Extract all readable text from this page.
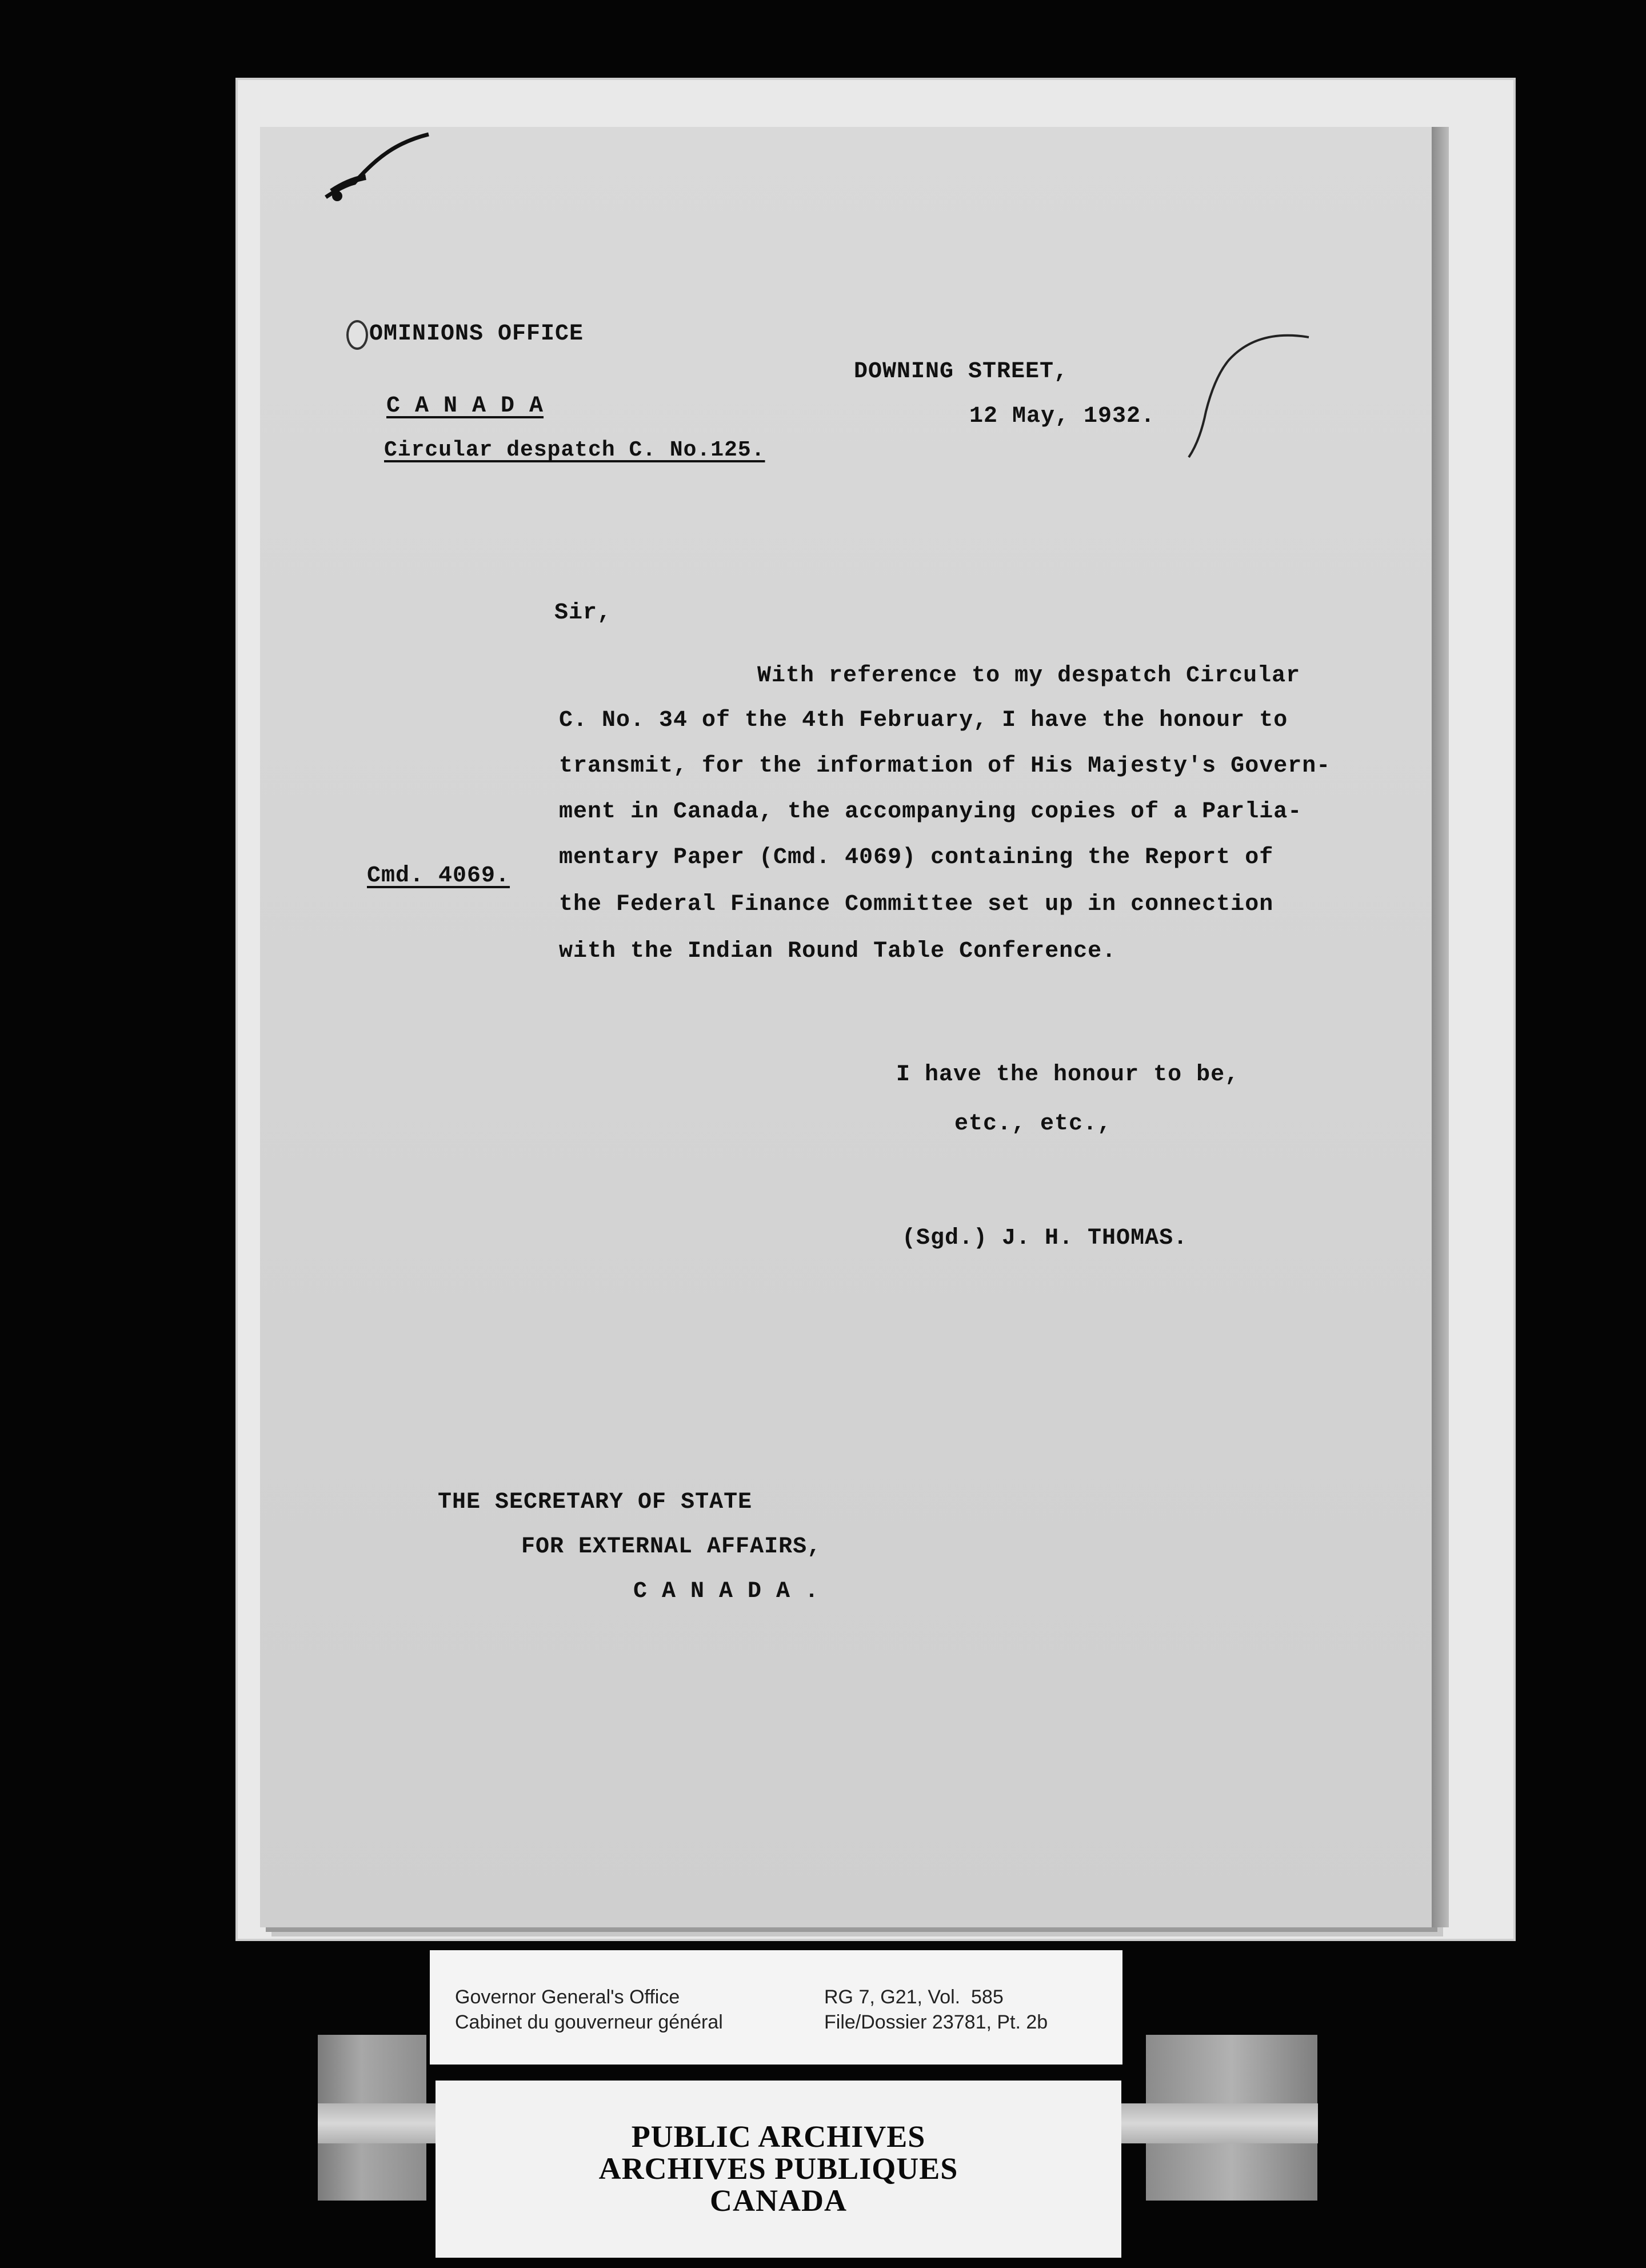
OMINIONS OFFICE
C A N A D A
Circular despatch C. No.125.
DOWNING STREET,
12 May, 1932.
Sir,
Cmd. 4069.
With reference to my despatch Circular
C. No. 34 of the 4th February, I have the honour to
transmit, for the information of His Majesty's Govern-
ment in Canada, the accompanying copies of a Parlia-
mentary Paper (Cmd. 4069) containing the Report of
the Federal Finance Committee set up in connection
with the Indian Round Table Conference.
I have the honour to be,
etc., etc.,
(Sgd.) J. H. THOMAS.
THE SECRETARY OF STATE
FOR EXTERNAL AFFAIRS,
C A N A D A .
Governor General's Office
Cabinet du gouverneur général
RG 7, G21, Vol.  585
File/Dossier 23781, Pt. 2b
PUBLIC ARCHIVES
ARCHIVES PUBLIQUES
CANADA
